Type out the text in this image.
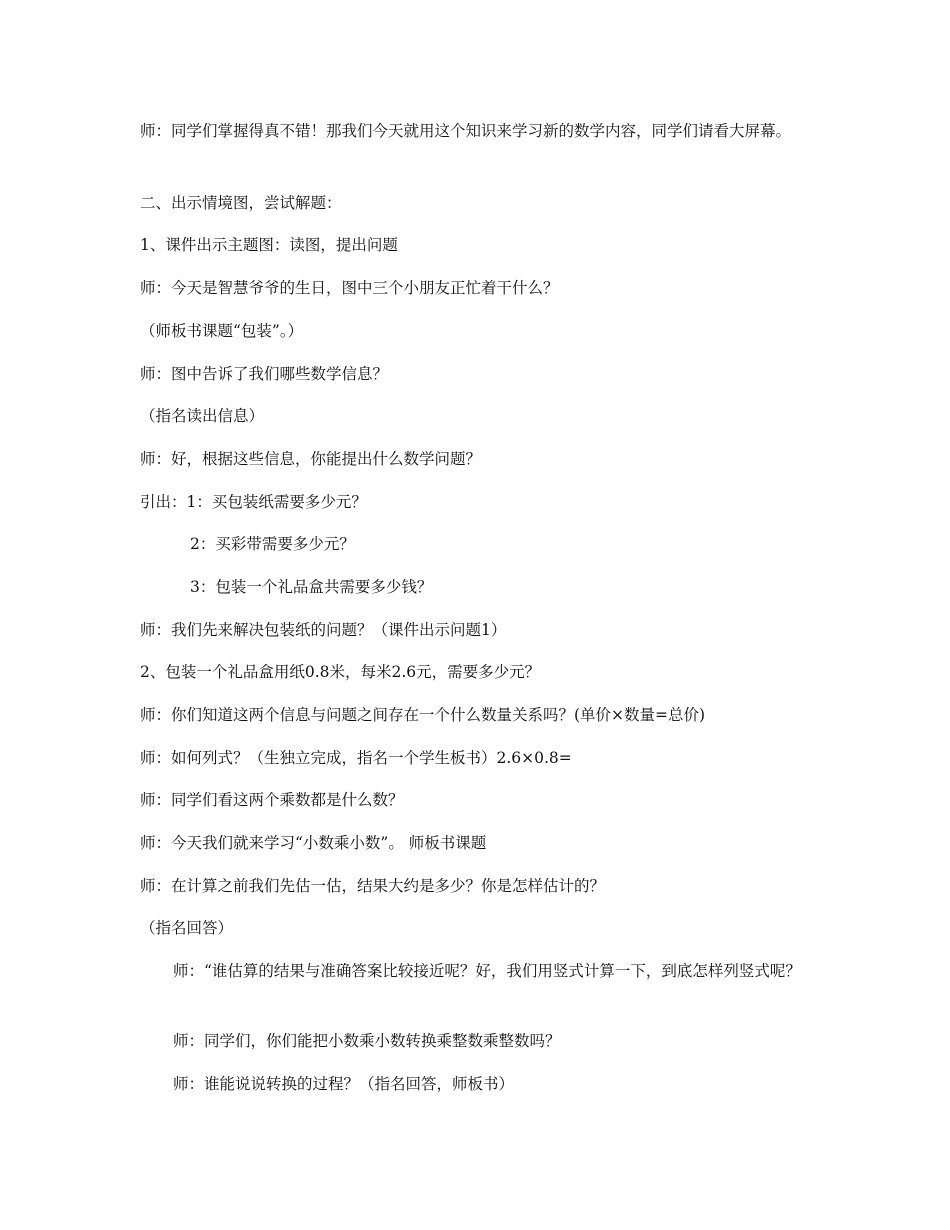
师：同学们掌握得真不错！那我们今天就用这个知识来学习新的数学内容，同学们请看大屏幕。
二、出示情境图，尝试解题：
1、课件出示主题图：读图，提出问题
师：今天是智慧爷爷的生日，图中三个小朋友正忙着干什么？
（师板书课题“包装”。）
师：图中告诉了我们哪些数学信息？
（指名读出信息）
师：好，根据这些信息，你能提出什么数学问题？
引出：1：买包装纸需要多少元？
2：买彩带需要多少元？
3：包装一个礼品盒共需要多少钱？
师：我们先来解决包装纸的问题？（课件出示问题1）
2、包装一个礼品盒用纸0.8米，每米2.6元，需要多少元？
师：你们知道这两个信息与问题之间存在一个什么数量关系吗？(单价×数量=总价)
师：如何列式？（生独立完成，指名一个学生板书）2.6×0.8=
师：同学们看这两个乘数都是什么数？
师：今天我们就来学习“小数乘小数”。 师板书课题
师：在计算之前我们先估一估，结果大约是多少？你是怎样估计的？
（指名回答）
师：“谁估算的结果与准确答案比较接近呢？好，我们用竖式计算一下，到底怎样列竖式呢？
师：同学们，你们能把小数乘小数转换乘整数乘整数吗？
师：谁能说说转换的过程？（指名回答，师板书）
